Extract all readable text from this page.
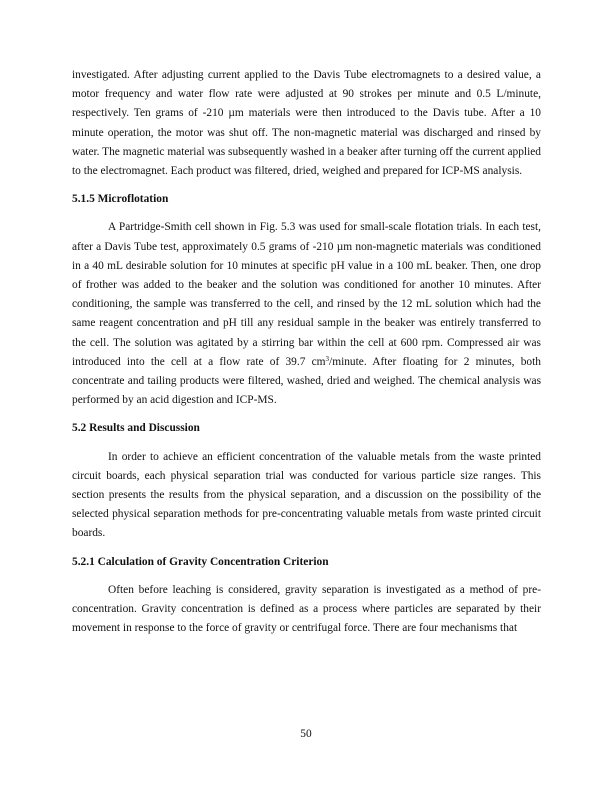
investigated. After adjusting current applied to the Davis Tube electromagnets to a desired value, a motor frequency and water flow rate were adjusted at 90 strokes per minute and 0.5 L/minute, respectively. Ten grams of -210 µm materials were then introduced to the Davis tube. After a 10 minute operation, the motor was shut off. The non-magnetic material was discharged and rinsed by water. The magnetic material was subsequently washed in a beaker after turning off the current applied to the electromagnet. Each product was filtered, dried, weighed and prepared for ICP-MS analysis.

5.1.5 Microflotation

A Partridge-Smith cell shown in Fig. 5.3 was used for small-scale flotation trials. In each test, after a Davis Tube test, approximately 0.5 grams of -210 µm non-magnetic materials was conditioned in a 40 mL desirable solution for 10 minutes at specific pH value in a 100 mL beaker. Then, one drop of frother was added to the beaker and the solution was conditioned for another 10 minutes. After conditioning, the sample was transferred to the cell, and rinsed by the 12 mL solution which had the same reagent concentration and pH till any residual sample in the beaker was entirely transferred to the cell. The solution was agitated by a stirring bar within the cell at 600 rpm. Compressed air was introduced into the cell at a flow rate of 39.7 $cm^3$/minute. After floating for 2 minutes, both concentrate and tailing products were filtered, washed, dried and weighed. The chemical analysis was performed by an acid digestion and ICP-MS.

5.2 Results and Discussion

In order to achieve an efficient concentration of the valuable metals from the waste printed circuit boards, each physical separation trial was conducted for various particle size ranges. This section presents the results from the physical separation, and a discussion on the possibility of the selected physical separation methods for pre-concentrating valuable metals from waste printed circuit boards.

5.2.1 Calculation of Gravity Concentration Criterion

Often before leaching is considered, gravity separation is investigated as a method of pre-concentration. Gravity concentration is defined as a process where particles are separated by their movement in response to the force of gravity or centrifugal force. There are four mechanisms that

50
